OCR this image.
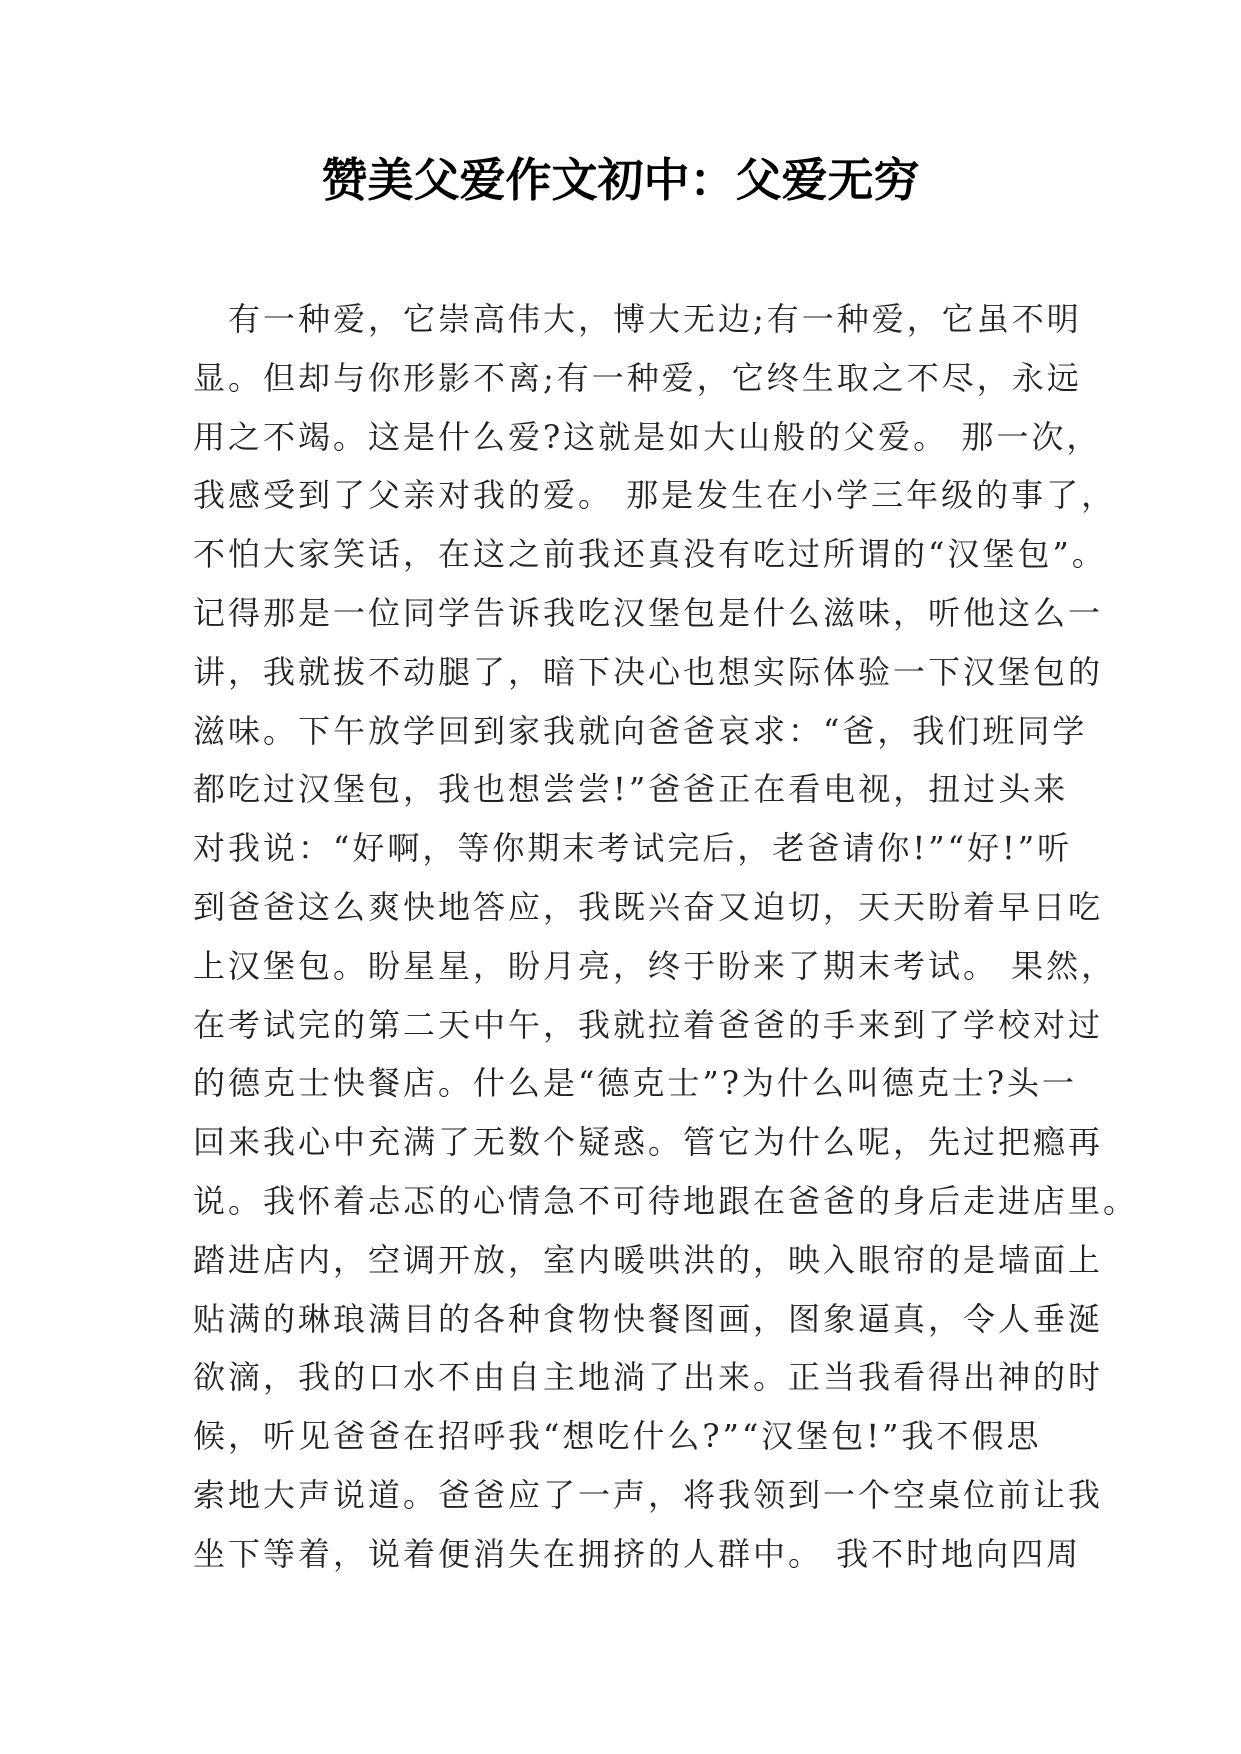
赞美父爱作文初中：父爱无穷
　有一种爱，它崇高伟大，博大无边;有一种爱，它虽不明
显。但却与你形影不离;有一种爱，它终生取之不尽，永远
用之不竭。这是什么爱?这就是如大山般的父爱。 那一次，
我感受到了父亲对我的爱。 那是发生在小学三年级的事了，
不怕大家笑话，在这之前我还真没有吃过所谓的“汉堡包”。
记得那是一位同学告诉我吃汉堡包是什么滋味，听他这么一
讲，我就拔不动腿了，暗下决心也想实际体验一下汉堡包的
滋味。下午放学回到家我就向爸爸哀求：“爸，我们班同学
都吃过汉堡包，我也想尝尝!”爸爸正在看电视，扭过头来
对我说：“好啊，等你期末考试完后，老爸请你!”“好!”听
到爸爸这么爽快地答应，我既兴奋又迫切，天天盼着早日吃
上汉堡包。盼星星，盼月亮，终于盼来了期末考试。 果然，
在考试完的第二天中午，我就拉着爸爸的手来到了学校对过
的德克士快餐店。什么是“德克士”?为什么叫德克士?头一
回来我心中充满了无数个疑惑。管它为什么呢，先过把瘾再
说。我怀着忐忑的心情急不可待地跟在爸爸的身后走进店里。
踏进店内，空调开放，室内暖哄洪的，映入眼帘的是墙面上
贴满的琳琅满目的各种食物快餐图画，图象逼真，令人垂涎
欲滴，我的口水不由自主地淌了出来。正当我看得出神的时
候，听见爸爸在招呼我“想吃什么?”“汉堡包!”我不假思
索地大声说道。爸爸应了一声，将我领到一个空桌位前让我
坐下等着，说着便消失在拥挤的人群中。 我不时地向四周
